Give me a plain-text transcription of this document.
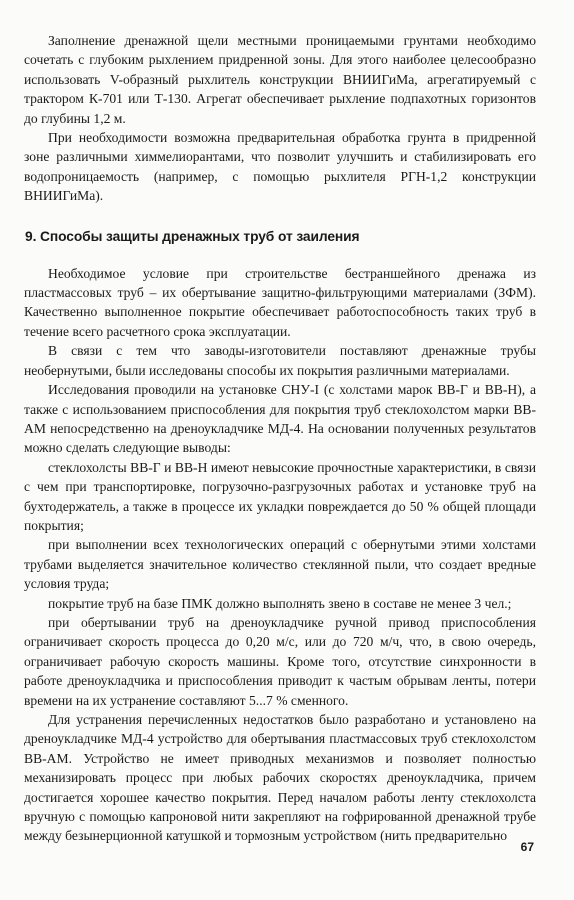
Заполнение дренажной щели местными проницаемыми грунтами необходимо сочетать с глубоким рыхлением придренной зоны. Для этого наиболее целесообразно использовать V-образный рыхлитель конструкции ВНИИГиМа, агрегатируемый с трактором К-701 или Т-130. Агрегат обеспечивает рыхление подпахотных горизонтов до глубины 1,2 м.

При необходимости возможна предварительная обработка грунта в придренной зоне различными химмелиорантами, что позволит улучшить и стабилизировать его водопроницаемость (например, с помощью рыхлителя РГН-1,2 конструкции ВНИИГиМа).

9. Способы защиты дренажных труб от заиления

Необходимое условие при строительстве бестраншейного дренажа из пластмассовых труб – их обертывание защитно-фильтрующими материалами (ЗФМ). Качественно выполненное покрытие обеспечивает работоспособность таких труб в течение всего расчетного срока эксплуатации.

В связи с тем что заводы-изготовители поставляют дренажные трубы необернутыми, были исследованы способы их покрытия различными материалами.

Исследования проводили на установке СНУ-I (с холстами марок ВВ-Г и ВВ-Н), а также с использованием приспособления для покрытия труб стеклохолстом марки ВВ-АМ непосредственно на дреноукладчике МД-4. На основании полученных результатов можно сделать следующие выводы:

стеклохолсты ВВ-Г и ВВ-Н имеют невысокие прочностные характеристики, в связи с чем при транспортировке, погрузочно-разгрузочных работах и установке труб на бухтодержатель, а также в процессе их укладки повреждается до 50 % общей площади покрытия;

при выполнении всех технологических операций с обернутыми этими холстами трубами выделяется значительное количество стеклянной пыли, что создает вредные условия труда;

покрытие труб на базе ПМК должно выполнять звено в составе не менее 3 чел.;

при обертывании труб на дреноукладчике ручной привод приспособления ограничивает скорость процесса до 0,20 м/с, или до 720 м/ч, что, в свою очередь, ограничивает рабочую скорость машины. Кроме того, отсутствие синхронности в работе дреноукладчика и приспособления приводит к частым обрывам ленты, потери времени на их устранение составляют 5...7 % сменного.

Для устранения перечисленных недостатков было разработано и установлено на дреноукладчике МД-4 устройство для обертывания пластмассовых труб стеклохолстом ВВ-АМ. Устройство не имеет приводных механизмов и позволяет полностью механизировать процесс при любых рабочих скоростях дреноукладчика, причем достигается хорошее качество покрытия. Перед началом работы ленту стеклохолста вручную с помощью капроновой нити закрепляют на гофрированной дренажной трубе между безынерционной катушкой и тормозным устройством (нить предварительно

67
